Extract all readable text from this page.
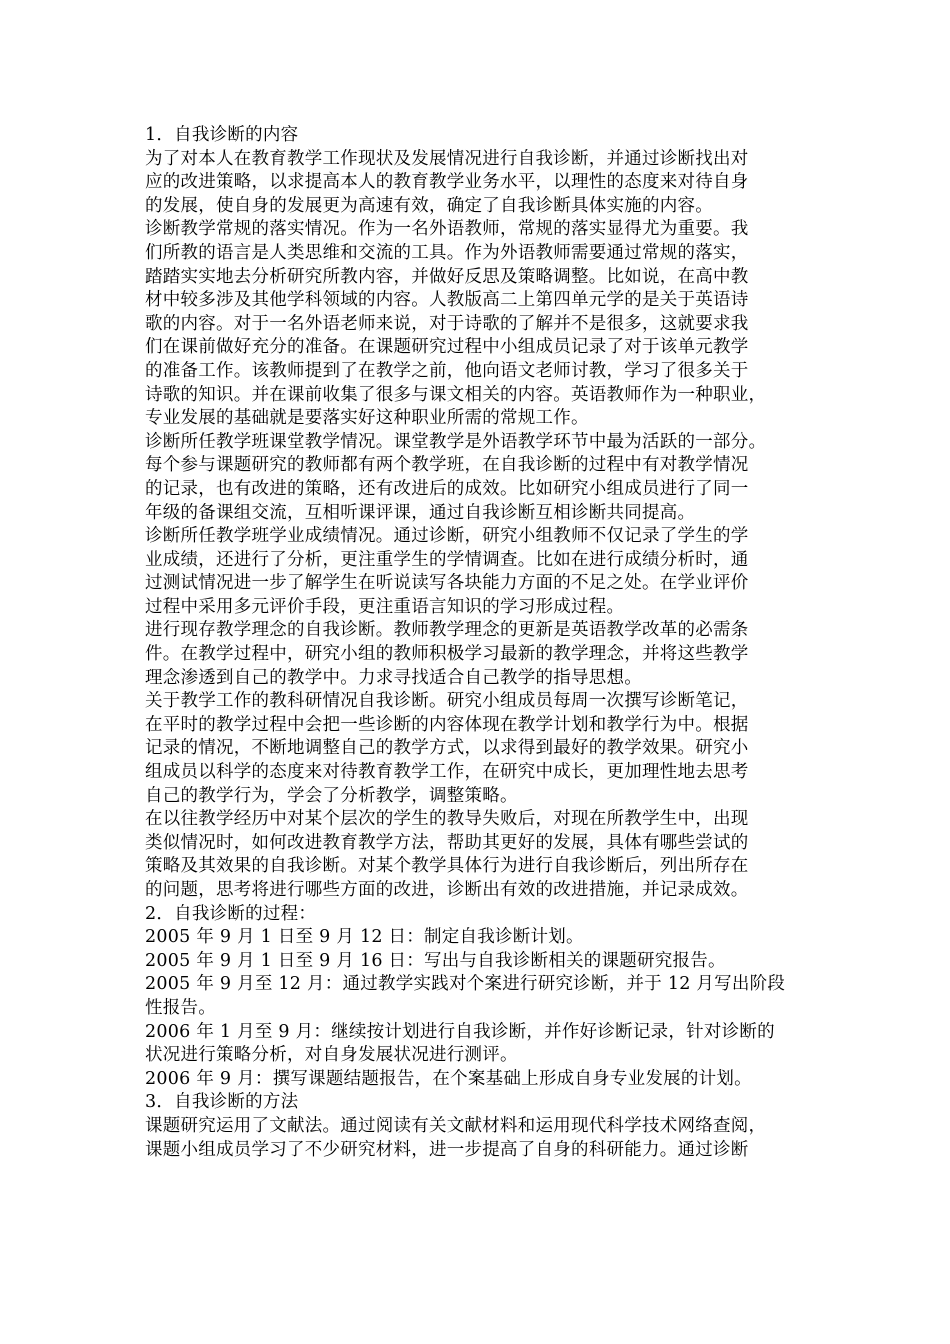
1．自我诊断的内容
为了对本人在教育教学工作现状及发展情况进行自我诊断，并通过诊断找出对
应的改进策略，以求提高本人的教育教学业务水平，以理性的态度来对待自身
的发展，使自身的发展更为高速有效，确定了自我诊断具体实施的内容。
诊断教学常规的落实情况。作为一名外语教师，常规的落实显得尤为重要。我
们所教的语言是人类思维和交流的工具。作为外语教师需要通过常规的落实，
踏踏实实地去分析研究所教内容，并做好反思及策略调整。比如说，在高中教
材中较多涉及其他学科领域的内容。人教版高二上第四单元学的是关于英语诗
歌的内容。对于一名外语老师来说，对于诗歌的了解并不是很多，这就要求我
们在课前做好充分的准备。在课题研究过程中小组成员记录了对于该单元教学
的准备工作。该教师提到了在教学之前，他向语文老师讨教，学习了很多关于
诗歌的知识。并在课前收集了很多与课文相关的内容。英语教师作为一种职业，
专业发展的基础就是要落实好这种职业所需的常规工作。
诊断所任教学班课堂教学情况。课堂教学是外语教学环节中最为活跃的一部分。
每个参与课题研究的教师都有两个教学班，在自我诊断的过程中有对教学情况
的记录，也有改进的策略，还有改进后的成效。比如研究小组成员进行了同一
年级的备课组交流，互相听课评课，通过自我诊断互相诊断共同提高。
诊断所任教学班学业成绩情况。通过诊断，研究小组教师不仅记录了学生的学
业成绩，还进行了分析，更注重学生的学情调查。比如在进行成绩分析时，通
过测试情况进一步了解学生在听说读写各块能力方面的不足之处。在学业评价
过程中采用多元评价手段，更注重语言知识的学习形成过程。
进行现存教学理念的自我诊断。教师教学理念的更新是英语教学改革的必需条
件。在教学过程中，研究小组的教师积极学习最新的教学理念，并将这些教学
理念渗透到自己的教学中。力求寻找适合自己教学的指导思想。
关于教学工作的教科研情况自我诊断。研究小组成员每周一次撰写诊断笔记，
在平时的教学过程中会把一些诊断的内容体现在教学计划和教学行为中。根据
记录的情况，不断地调整自己的教学方式，以求得到最好的教学效果。研究小
组成员以科学的态度来对待教育教学工作，在研究中成长，更加理性地去思考
自己的教学行为，学会了分析教学，调整策略。
在以往教学经历中对某个层次的学生的教导失败后，对现在所教学生中，出现
类似情况时，如何改进教育教学方法，帮助其更好的发展，具体有哪些尝试的
策略及其效果的自我诊断。对某个教学具体行为进行自我诊断后，列出所存在
的问题，思考将进行哪些方面的改进，诊断出有效的改进措施，并记录成效。
2．自我诊断的过程：
2005 年 9 月 1 日至 9 月 12 日：制定自我诊断计划。
2005 年 9 月 1 日至 9 月 16 日：写出与自我诊断相关的课题研究报告。
2005 年 9 月至 12 月：通过教学实践对个案进行研究诊断，并于 12 月写出阶段
性报告。
2006 年 1 月至 9 月：继续按计划进行自我诊断，并作好诊断记录，针对诊断的
状况进行策略分析，对自身发展状况进行测评。
2006 年 9 月：撰写课题结题报告，在个案基础上形成自身专业发展的计划。
3．自我诊断的方法
课题研究运用了文献法。通过阅读有关文献材料和运用现代科学技术网络查阅，
课题小组成员学习了不少研究材料，进一步提高了自身的科研能力。通过诊断
